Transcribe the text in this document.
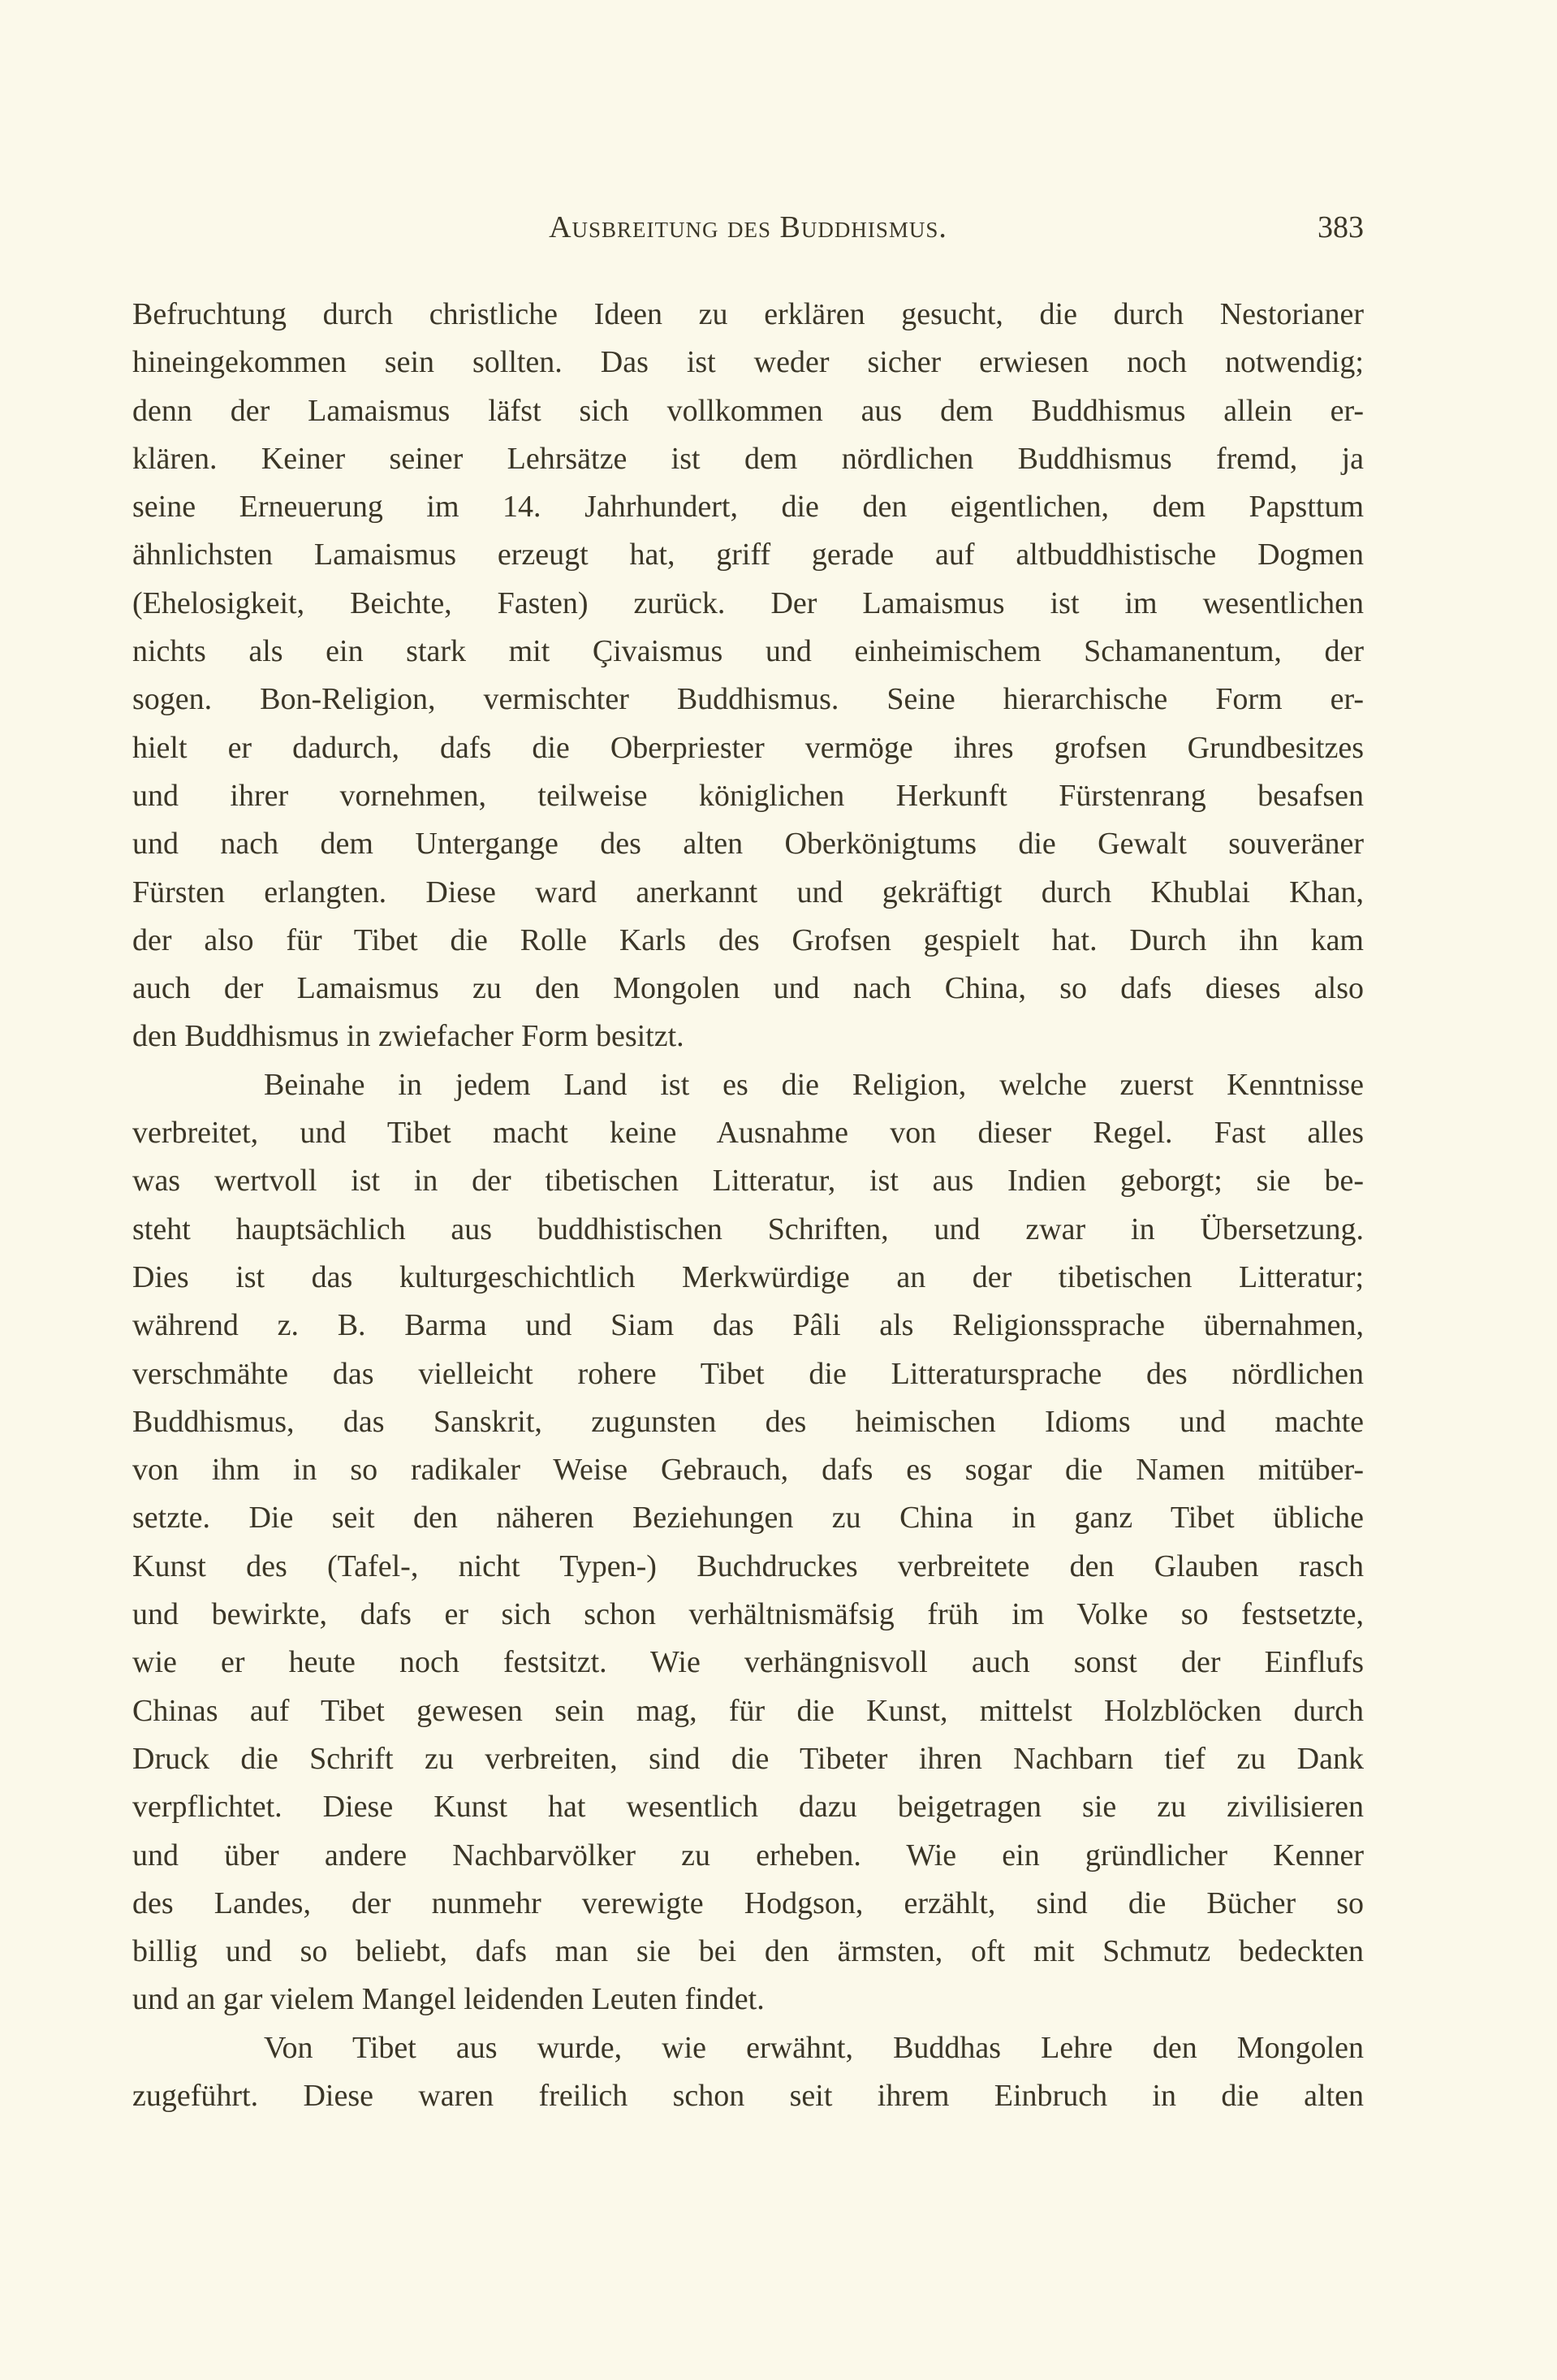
Ausbreitung des Buddhismus.	383
Befruchtung durch christliche Ideen zu erklären gesucht, die durch Nestorianer
hineingekommen sein sollten. Das ist weder sicher erwiesen noch notwendig;
denn der Lamaismus läfst sich vollkommen aus dem Buddhismus allein er-
klären. Keiner seiner Lehrsätze ist dem nördlichen Buddhismus fremd, ja
seine Erneuerung im 14. Jahrhundert, die den eigentlichen, dem Papsttum
ähnlichsten Lamaismus erzeugt hat, griff gerade auf altbuddhistische Dogmen
(Ehelosigkeit, Beichte, Fasten) zurück. Der Lamaismus ist im wesentlichen
nichts als ein stark mit Çivaismus und einheimischem Schamanentum, der
sogen. Bon-Religion, vermischter Buddhismus. Seine hierarchische Form er-
hielt er dadurch, dafs die Oberpriester vermöge ihres grofsen Grundbesitzes
und ihrer vornehmen, teilweise königlichen Herkunft Fürstenrang besafsen
und nach dem Untergange des alten Oberkönigtums die Gewalt souveräner
Fürsten erlangten. Diese ward anerkannt und gekräftigt durch Khublai Khan,
der also für Tibet die Rolle Karls des Grofsen gespielt hat. Durch ihn kam
auch der Lamaismus zu den Mongolen und nach China, so dafs dieses also
den Buddhismus in zwiefacher Form besitzt.
Beinahe in jedem Land ist es die Religion, welche zuerst Kenntnisse
verbreitet, und Tibet macht keine Ausnahme von dieser Regel. Fast alles
was wertvoll ist in der tibetischen Litteratur, ist aus Indien geborgt; sie be-
steht hauptsächlich aus buddhistischen Schriften, und zwar in Übersetzung.
Dies ist das kulturgeschichtlich Merkwürdige an der tibetischen Litteratur;
während z. B. Barma und Siam das Pâli als Religionssprache übernahmen,
verschmähte das vielleicht rohere Tibet die Litteratursprache des nördlichen
Buddhismus, das Sanskrit, zugunsten des heimischen Idioms und machte
von ihm in so radikaler Weise Gebrauch, dafs es sogar die Namen mitüber-
setzte. Die seit den näheren Beziehungen zu China in ganz Tibet übliche
Kunst des (Tafel-, nicht Typen-) Buchdruckes verbreitete den Glauben rasch
und bewirkte, dafs er sich schon verhältnismäfsig früh im Volke so festsetzte,
wie er heute noch festsitzt. Wie verhängnisvoll auch sonst der Einflufs
Chinas auf Tibet gewesen sein mag, für die Kunst, mittelst Holzblöcken durch
Druck die Schrift zu verbreiten, sind die Tibeter ihren Nachbarn tief zu Dank
verpflichtet. Diese Kunst hat wesentlich dazu beigetragen sie zu zivilisieren
und über andere Nachbarvölker zu erheben. Wie ein gründlicher Kenner
des Landes, der nunmehr verewigte Hodgson, erzählt, sind die Bücher so
billig und so beliebt, dafs man sie bei den ärmsten, oft mit Schmutz bedeckten
und an gar vielem Mangel leidenden Leuten findet.
Von Tibet aus wurde, wie erwähnt, Buddhas Lehre den Mongolen
zugeführt. Diese waren freilich schon seit ihrem Einbruch in die alten
